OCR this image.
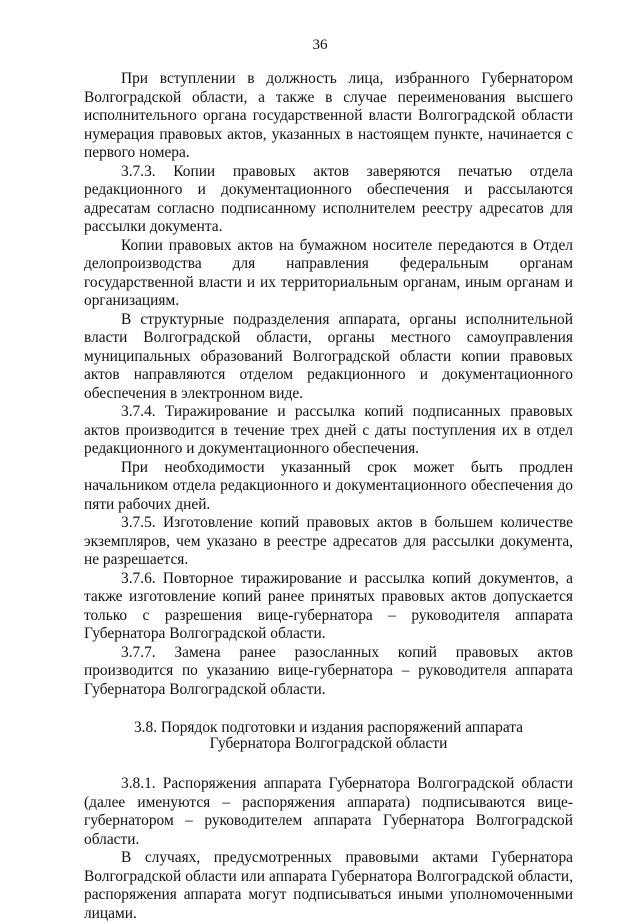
36

При вступлении в должность лица, избранного Губернатором Волгоградской области, а также в случае переименования высшего исполнительного органа государственной власти Волгоградской области нумерация правовых актов, указанных в настоящем пункте, начинается с первого номера.

3.7.3. Копии правовых актов заверяются печатью отдела редакционного и документационного обеспечения и рассылаются адресатам согласно подписанному исполнителем реестру адресатов для рассылки документа.

Копии правовых актов на бумажном носителе передаются в Отдел делопроизводства для направления федеральным органам государственной власти и их территориальным органам, иным органам и организациям.

В структурные подразделения аппарата, органы исполнительной власти Волгоградской области, органы местного самоуправления муниципальных образований Волгоградской области копии правовых актов направляются отделом редакционного и документационного обеспечения в электронном виде.

3.7.4. Тиражирование и рассылка копий подписанных правовых актов производится в течение трех дней с даты поступления их в отдел редакционного и документационного обеспечения.

При необходимости указанный срок может быть продлен начальником отдела редакционного и документационного обеспечения до пяти рабочих дней.

3.7.5. Изготовление копий правовых актов в большем количестве экземпляров, чем указано в реестре адресатов для рассылки документа, не разрешается.

3.7.6. Повторное тиражирование и рассылка копий документов, а также изготовление копий ранее принятых правовых актов допускается только с разрешения вице-губернатора – руководителя аппарата Губернатора Волгоградской области.

3.7.7. Замена ранее разосланных копий правовых актов производится по указанию вице-губернатора – руководителя аппарата Губернатора Волгоградской области.

3.8. Порядок подготовки и издания распоряжений аппарата
Губернатора Волгоградской области

3.8.1. Распоряжения аппарата Губернатора Волгоградской области (далее именуются – распоряжения аппарата) подписываются вице-губернатором – руководителем аппарата Губернатора Волгоградской области.

В случаях, предусмотренных правовыми актами Губернатора Волгоградской области или аппарата Губернатора Волгоградской области, распоряжения аппарата могут подписываться иными уполномоченными лицами.
